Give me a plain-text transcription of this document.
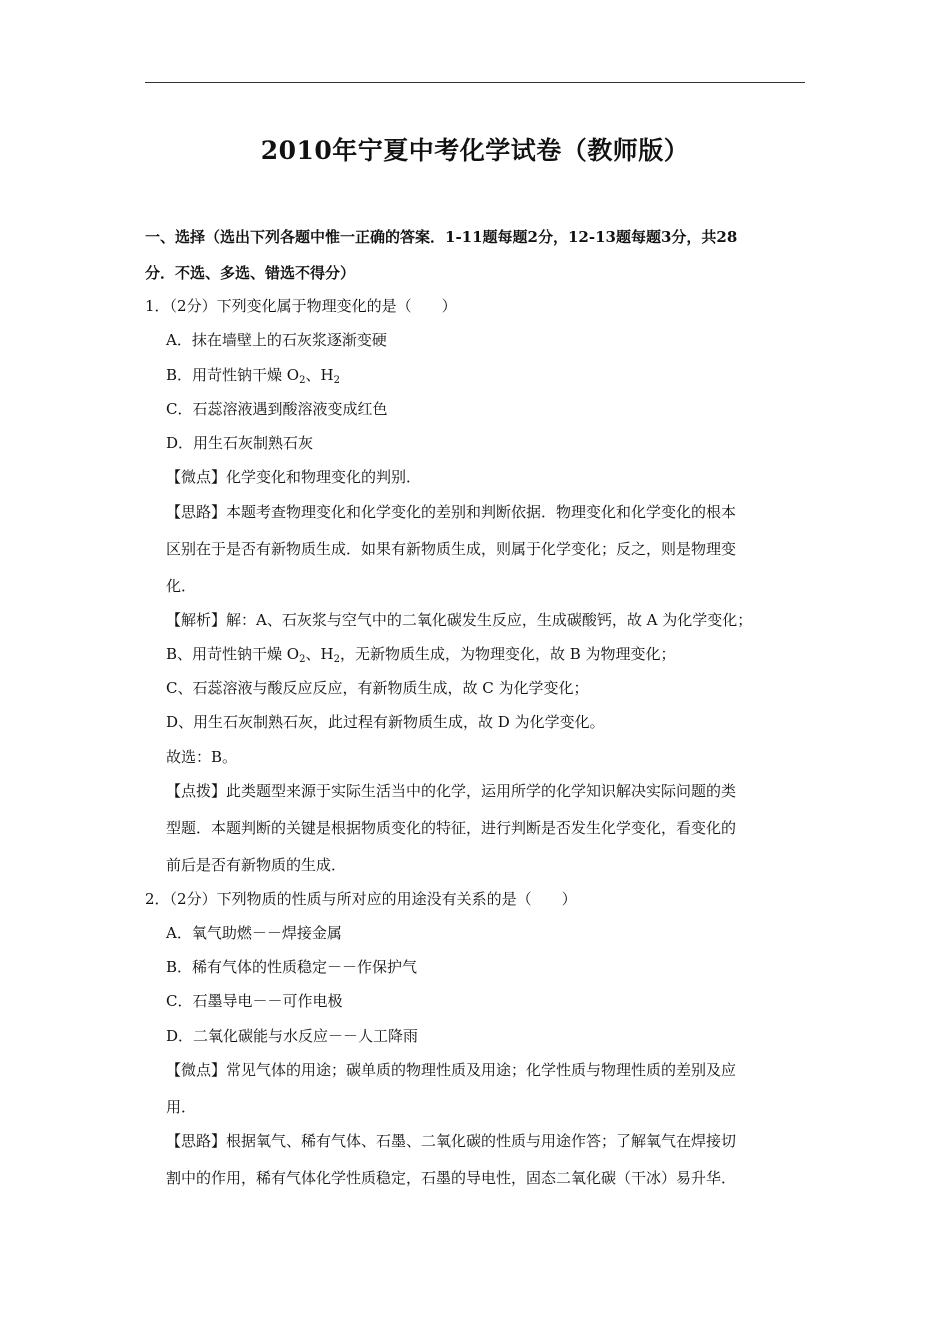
2010年宁夏中考化学试卷（教师版）
一、选择（选出下列各题中惟一正确的答案．1-11题每题2分，12-13题每题3分，共28
分．不选、多选、错选不得分）
1．（2分）下列变化属于物理变化的是（　　）
A．抹在墙壁上的石灰浆逐渐变硬
B．用苛性钠干燥 $O_2$、$H_2$
C．石蕊溶液遇到酸溶液变成红色
D．用生石灰制熟石灰
【微点】化学变化和物理变化的判别．
【思路】本题考查物理变化和化学变化的差别和判断依据．物理变化和化学变化的根本
区别在于是否有新物质生成．如果有新物质生成，则属于化学变化；反之，则是物理变
化．
【解析】解：A、石灰浆与空气中的二氧化碳发生反应，生成碳酸钙，故 A 为化学变化；
B、用苛性钠干燥 $O_2$、$H_2$，无新物质生成，为物理变化，故 B 为物理变化；
C、石蕊溶液与酸反应反应，有新物质生成，故 C 为化学变化；
D、用生石灰制熟石灰，此过程有新物质生成，故 D 为化学变化。
故选：B。
【点拨】此类题型来源于实际生活当中的化学，运用所学的化学知识解决实际问题的类
型题．本题判断的关键是根据物质变化的特征，进行判断是否发生化学变化，看变化的
前后是否有新物质的生成．
2．（2分）下列物质的性质与所对应的用途没有关系的是（　　）
A．氧气助燃－－焊接金属
B．稀有气体的性质稳定－－作保护气
C．石墨导电－－可作电极
D．二氧化碳能与水反应－－人工降雨
【微点】常见气体的用途；碳单质的物理性质及用途；化学性质与物理性质的差别及应
用．
【思路】根据氧气、稀有气体、石墨、二氧化碳的性质与用途作答；了解氧气在焊接切
割中的作用，稀有气体化学性质稳定，石墨的导电性，固态二氧化碳（干冰）易升华．
